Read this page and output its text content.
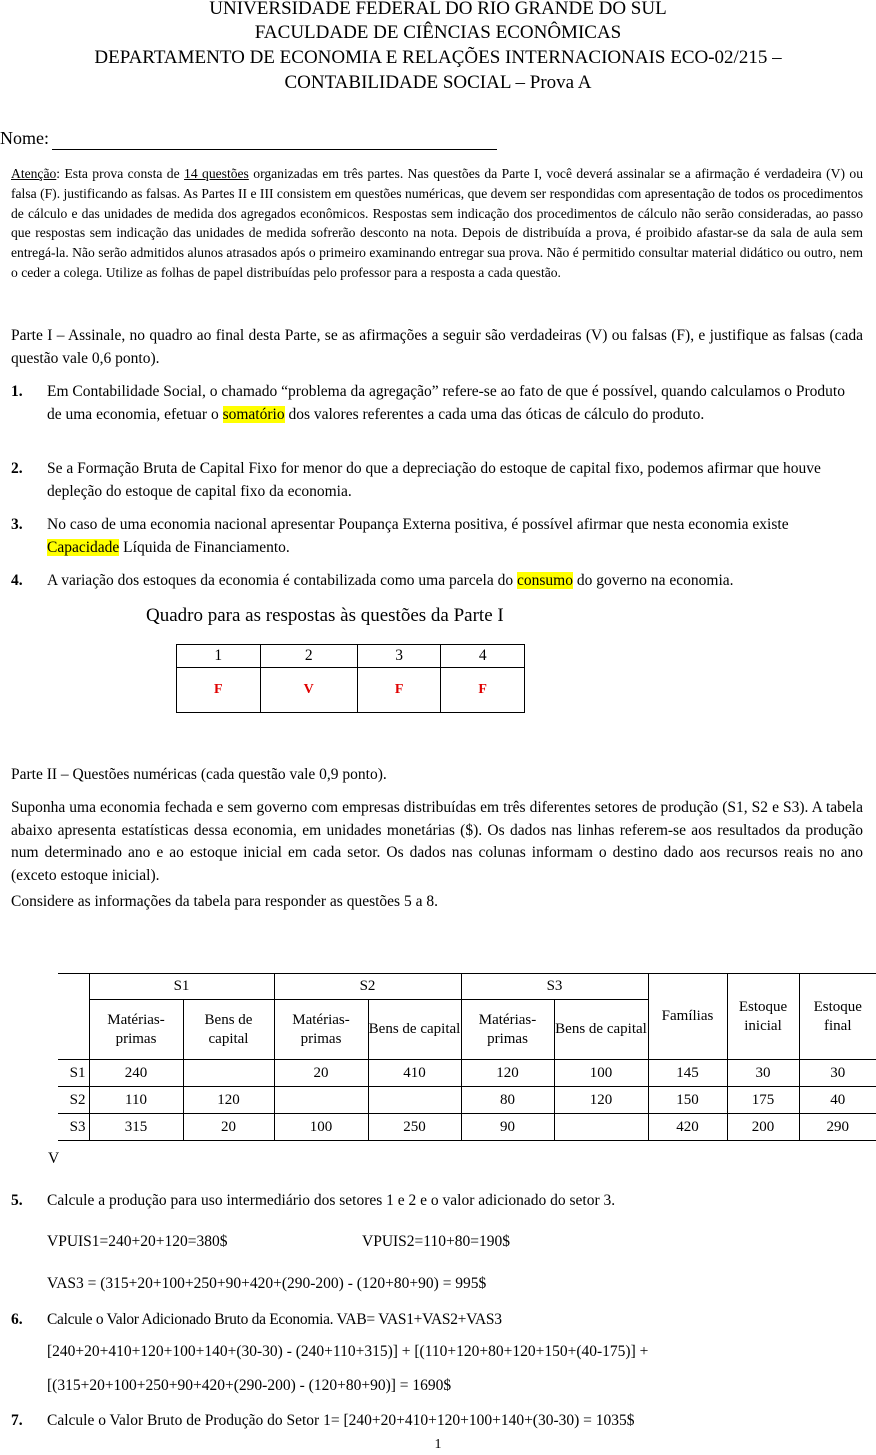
UNIVERSIDADE FEDERAL DO RIO GRANDE DO SUL
FACULDADE DE CIÊNCIAS ECONÔMICAS
DEPARTAMENTO DE ECONOMIA E RELAÇÕES INTERNACIONAIS ECO-02/215 –
CONTABILIDADE SOCIAL – Prova A
Nome:
Atenção: Esta prova consta de 14 questões organizadas em três partes. Nas questões da Parte I, você deverá assinalar se a afirmação é verdadeira (V) ou falsa (F). justificando as falsas. As Partes II e III consistem em questões numéricas, que devem ser respondidas com apresentação de todos os procedimentos de cálculo e das unidades de medida dos agregados econômicos. Respostas sem indicação dos procedimentos de cálculo não serão consideradas, ao passo que respostas sem indicação das unidades de medida sofrerão desconto na nota. Depois de distribuída a prova, é proibido afastar-se da sala de aula sem entregá-la. Não serão admitidos alunos atrasados após o primeiro examinando entregar sua prova. Não é permitido consultar material didático ou outro, nem o ceder a colega. Utilize as folhas de papel distribuídas pelo professor para a resposta a cada questão.
Parte I – Assinale, no quadro ao final desta Parte, se as afirmações a seguir são verdadeiras (V) ou falsas (F), e justifique as falsas (cada questão vale 0,6 ponto).
1. Em Contabilidade Social, o chamado “problema da agregação” refere-se ao fato de que é possível, quando calculamos o Produto de uma economia, efetuar o somatório dos valores referentes a cada uma das óticas de cálculo do produto.
2. Se a Formação Bruta de Capital Fixo for menor do que a depreciação do estoque de capital fixo, podemos afirmar que houve depleção do estoque de capital fixo da economia.
3. No caso de uma economia nacional apresentar Poupança Externa positiva, é possível afirmar que nesta economia existe Capacidade Líquida de Financiamento.
4. A variação dos estoques da economia é contabilizada como uma parcela do consumo do governo na economia.
Quadro para as respostas às questões da Parte I
1	2	3	4
F	V	F	F
Parte II – Questões numéricas (cada questão vale 0,9 ponto).
Suponha uma economia fechada e sem governo com empresas distribuídas em três diferentes setores de produção (S1, S2 e S3). A tabela abaixo apresenta estatísticas dessa economia, em unidades monetárias ($). Os dados nas linhas referem-se aos resultados da produção num determinado ano e ao estoque inicial em cada setor. Os dados nas colunas informam o destino dado aos recursos reais no ano (exceto estoque inicial).
Considere as informações da tabela para responder as questões 5 a 8.
	S1		S2		S3		Famílias	Estoque inicial	Estoque final
	Matérias-primas	Bens de capital	Matérias-primas	Bens de capital	Matérias-primas	Bens de capital			
S1	240		20	410	120	100	145	30	30
S2	110	120			80	120	150	175	40
S3	315	20	100	250	90		420	200	290
V
5. Calcule a produção para uso intermediário dos setores 1 e 2 e o valor adicionado do setor 3.
VPUIS1=240+20+120=380$	VPUIS2=110+80=190$
VAS3 = (315+20+100+250+90+420+(290-200) - (120+80+90) = 995$
6. Calcule o Valor Adicionado Bruto da Economia. VAB= VAS1+VAS2+VAS3
[240+20+410+120+100+140+(30-30) - (240+110+315)] + [(110+120+80+120+150+(40-175)] +
[(315+20+100+250+90+420+(290-200) - (120+80+90)] = 1690$
7. Calcule o Valor Bruto de Produção do Setor 1= [240+20+410+120+100+140+(30-30) = 1035$
1
